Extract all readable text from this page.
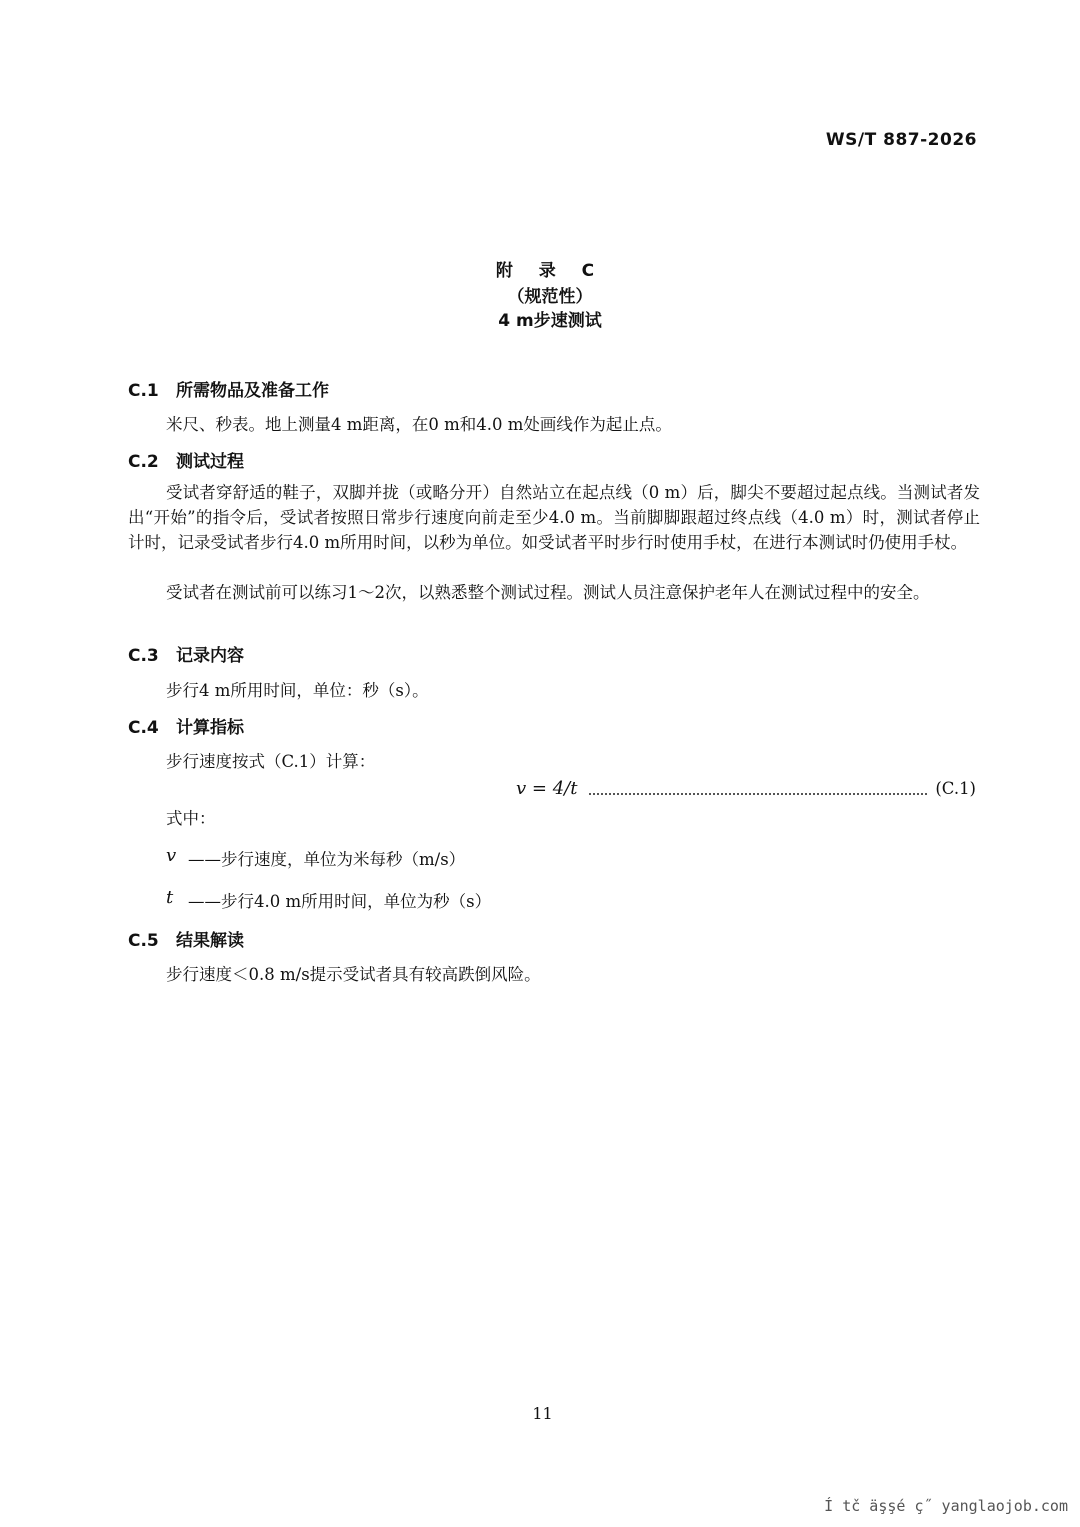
WS/T 887-2026
附 录 C
（规范性）
4 m步速测试
C.1 所需物品及准备工作
米尺、秒表。地上测量4 m距离，在0 m和4.0 m处画线作为起止点。
C.2 测试过程
受试者穿舒适的鞋子，双脚并拢（或略分开）自然站立在起点线（0 m）后，脚尖不要超过起点线。当测试者发出“开始”的指令后，受试者按照日常步行速度向前走至少4.0 m。当前脚脚跟超过终点线（4.0 m）时，测试者停止计时，记录受试者步行4.0 m所用时间，以秒为单位。如受试者平时步行时使用手杖，在进行本测试时仍使用手杖。
受试者在测试前可以练习1～2次，以熟悉整个测试过程。测试人员注意保护老年人在测试过程中的安全。
C.3 记录内容
步行4 m所用时间，单位：秒（s）。
C.4 计算指标
步行速度按式（C.1）计算：
v = 4/t	(C.1)
式中：
v ——步行速度，单位为米每秒（m/s）
t ——步行4.0 m所用时间，单位为秒（s）
C.5 结果解读
步行速度＜0.8 m/s提示受试者具有较高跌倒风险。
11
Í tč äşşé ç˝ yanglaojob.com
